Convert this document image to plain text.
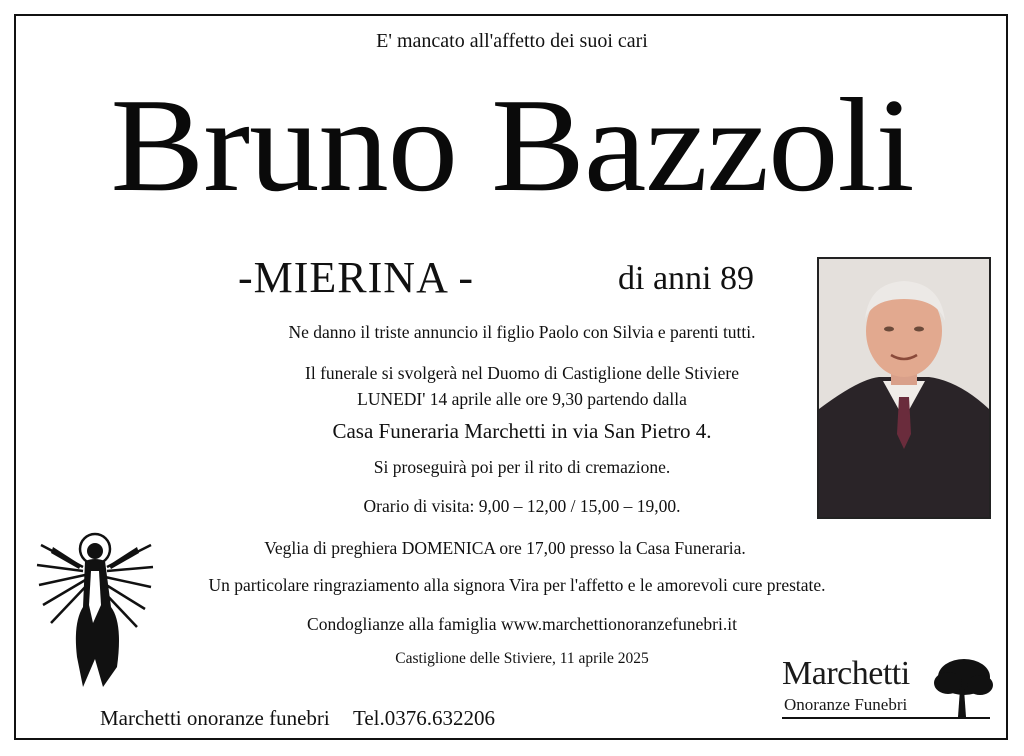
E' mancato all'affetto dei suoi cari
Bruno Bazzoli
-MIERINA -	di anni 89
Ne danno il triste annuncio il figlio Paolo con Silvia e parenti tutti.
Il funerale si svolgerà nel Duomo di Castiglione delle Stiviere
LUNEDI' 14 aprile alle ore 9,30 partendo dalla
Casa Funeraria Marchetti in via San Pietro 4.
Si proseguirà poi per il rito di cremazione.
Orario di visita: 9,00 – 12,00 / 15,00 – 19,00.
Veglia di preghiera DOMENICA ore 17,00 presso la Casa Funeraria.
Un particolare ringraziamento alla signora Vira per l'affetto e le amorevoli cure prestate.
Condoglianze alla famiglia www.marchettionoranzefunebri.it
Castiglione delle Stiviere, 11 aprile 2025
Marchetti onoranze funebri Tel.0376.632206
Marchetti
Onoranze Funebri
